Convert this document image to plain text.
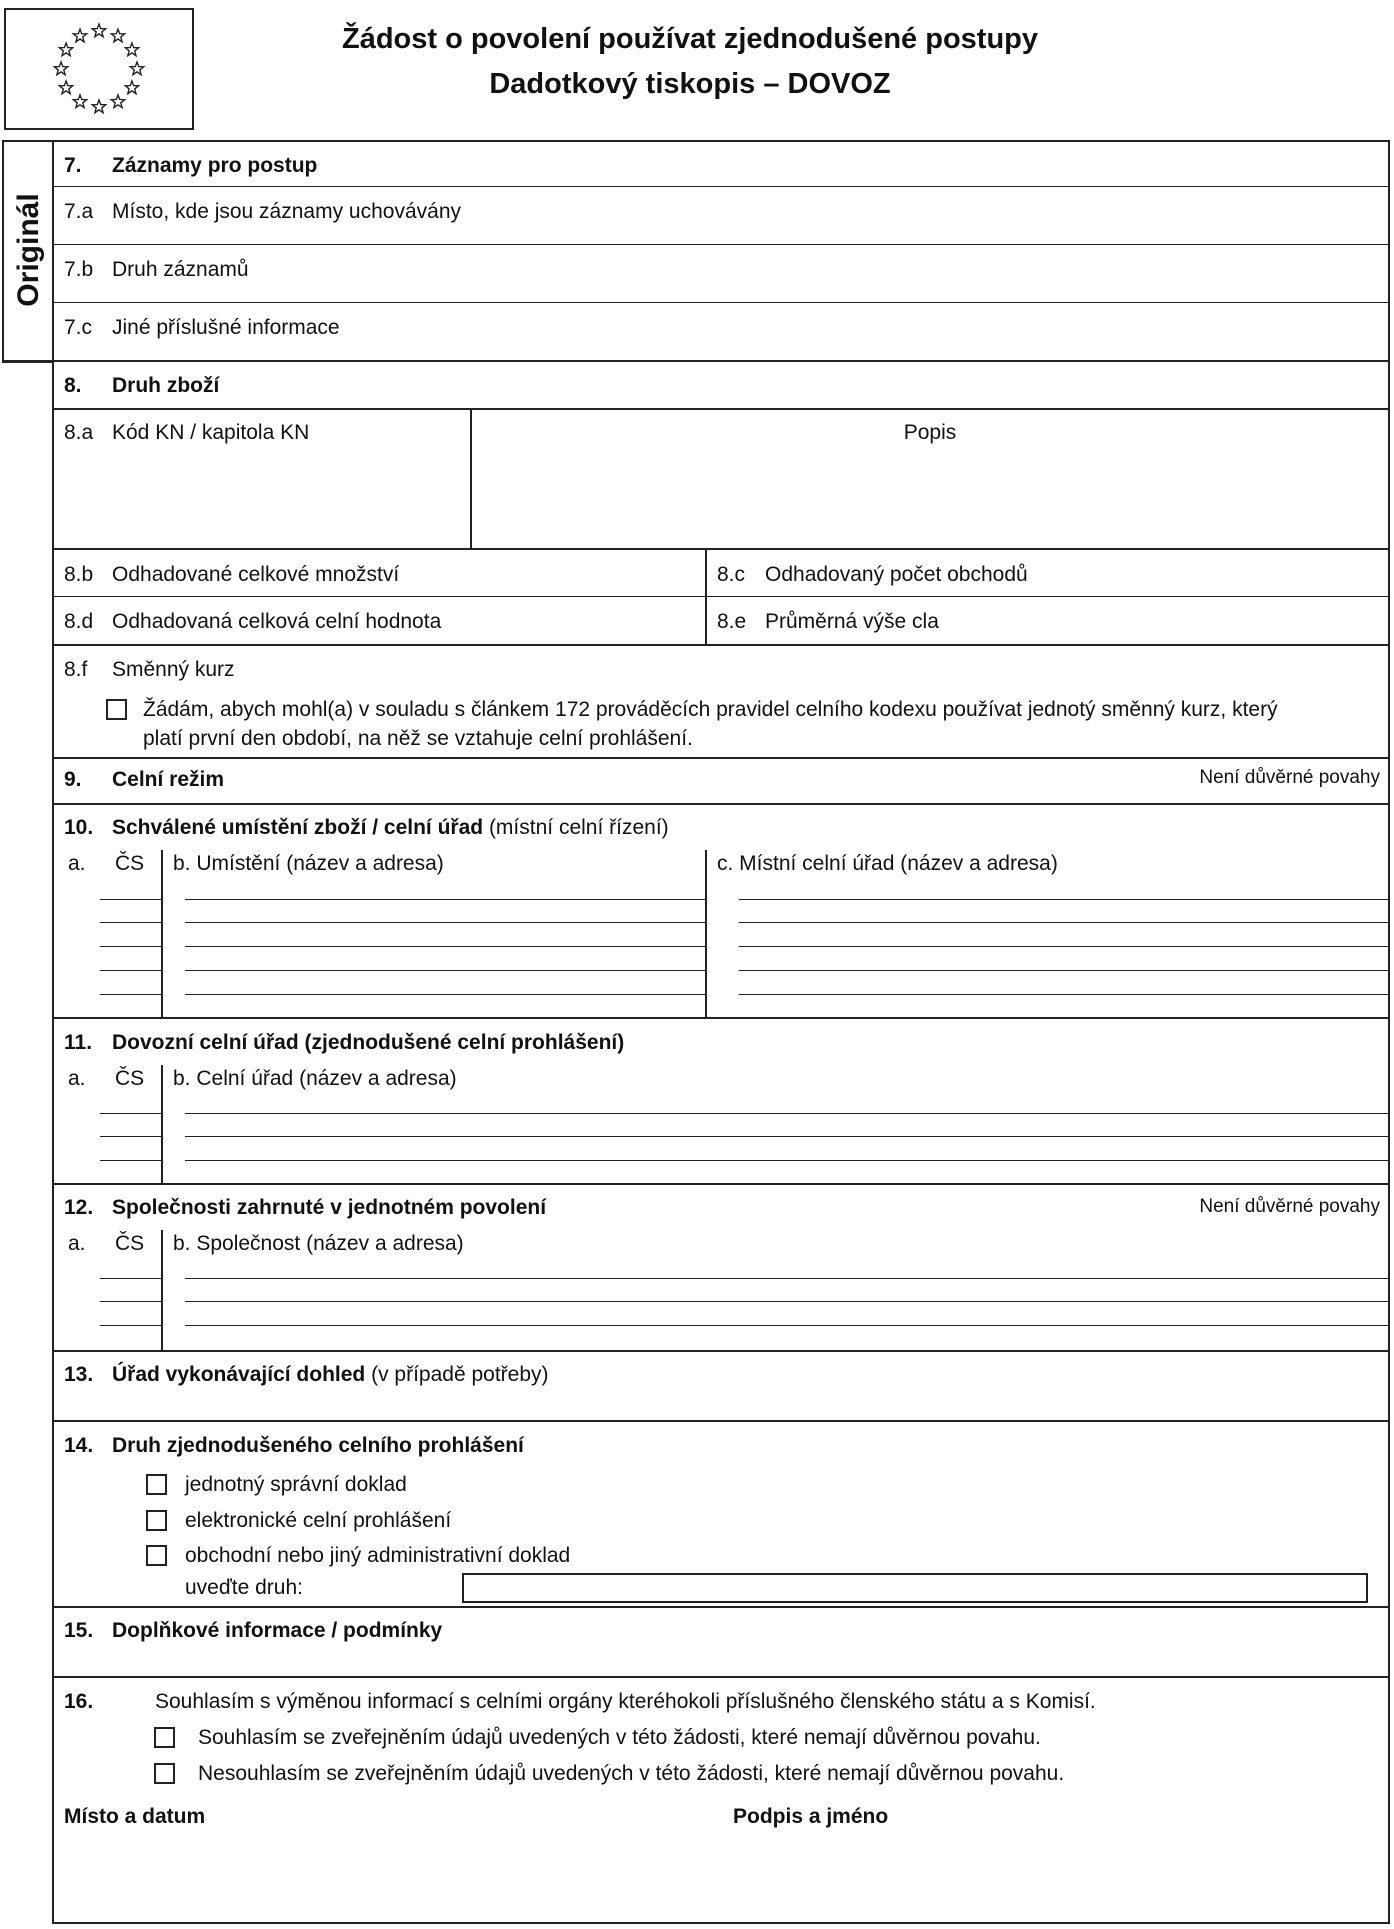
Žádost o povolení používat zjednodušené postupy
Dadotkový tiskopis – DOVOZ
Originál
7. Záznamy pro postup
7.a Místo, kde jsou záznamy uchovávány
7.b Druh záznamů
7.c Jiné příslušné informace
8. Druh zboží
8.a Kód KN / kapitola KN	Popis
8.b Odhadované celkové množství	8.c Odhadovaný počet obchodů
8.d Odhadovaná celková celní hodnota	8.e Průměrná výše cla
8.f Směnný kurz
Žádám, abych mohl(a) v souladu s článkem 172 prováděcích pravidel celního kodexu používat jednotý směnný kurz, který
platí první den období, na něž se vztahuje celní prohlášení.
9. Celní režim	Není důvěrné povahy
10. Schválené umístění zboží / celní úřad (místní celní řízení)
a. ČS b. Umístění (název a adresa)	c. Místní celní úřad (název a adresa)
11. Dovozní celní úřad (zjednodušené celní prohlášení)
a. ČS b. Celní úřad (název a adresa)
12. Společnosti zahrnuté v jednotném povolení	Není důvěrné povahy
a. ČS b. Společnost (název a adresa)
13. Úřad vykonávající dohled (v případě potřeby)
14. Druh zjednodušeného celního prohlášení
jednotný správní doklad
elektronické celní prohlášení
obchodní nebo jiný administrativní doklad
uveďte druh:
15. Doplňkové informace / podmínky
16.	Souhlasím s výměnou informací s celními orgány kteréhokoli příslušného členského státu a s Komisí.
Souhlasím se zveřejněním údajů uvedených v této žádosti, které nemají důvěrnou povahu.
Nesouhlasím se zveřejněním údajů uvedených v této žádosti, které nemají důvěrnou povahu.
Místo a datum	Podpis a jméno
